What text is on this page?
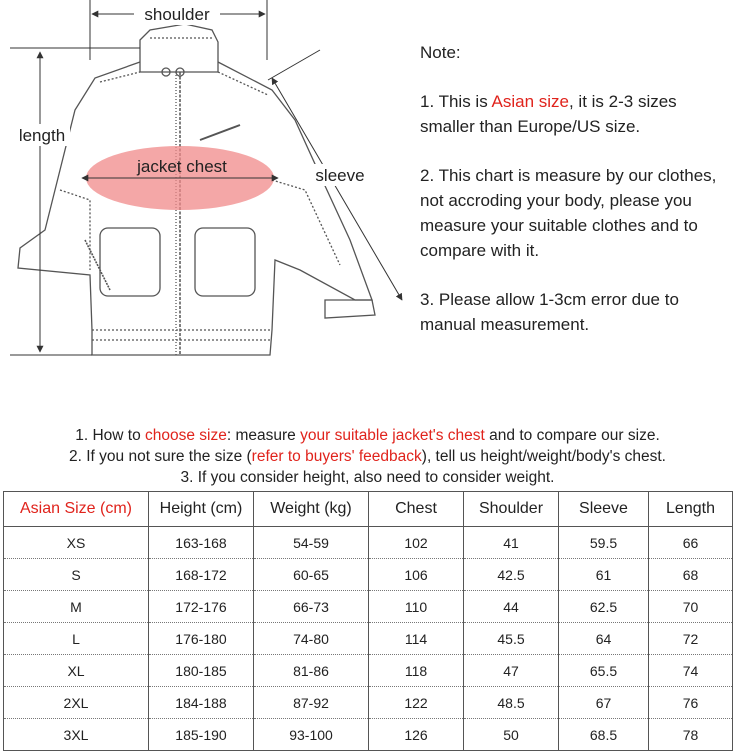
shoulder
length
jacket chest	sleeve
Note:
1. This is Asian size, it is 2-3 sizes smaller than Europe/US size.
2. This chart is measure by our clothes, not accroding your body, please you measure your suitable clothes and to compare with it.
3. Please allow 1-3cm error due to manual measurement.
1. How to choose size: measure your suitable jacket's chest and to compare our size.
2. If you not sure the size (refer to buyers' feedback), tell us height/weight/body's chest.
3. If you consider height, also need to consider weight.
Asian Size (cm)	Height (cm)	Weight (kg)	Chest	Shoulder	Sleeve	Length
XS	163-168	54-59	102	41	59.5	66
S	168-172	60-65	106	42.5	61	68
M	172-176	66-73	110	44	62.5	70
L	176-180	74-80	114	45.5	64	72
XL	180-185	81-86	118	47	65.5	74
2XL	184-188	87-92	122	48.5	67	76
3XL	185-190	93-100	126	50	68.5	78
